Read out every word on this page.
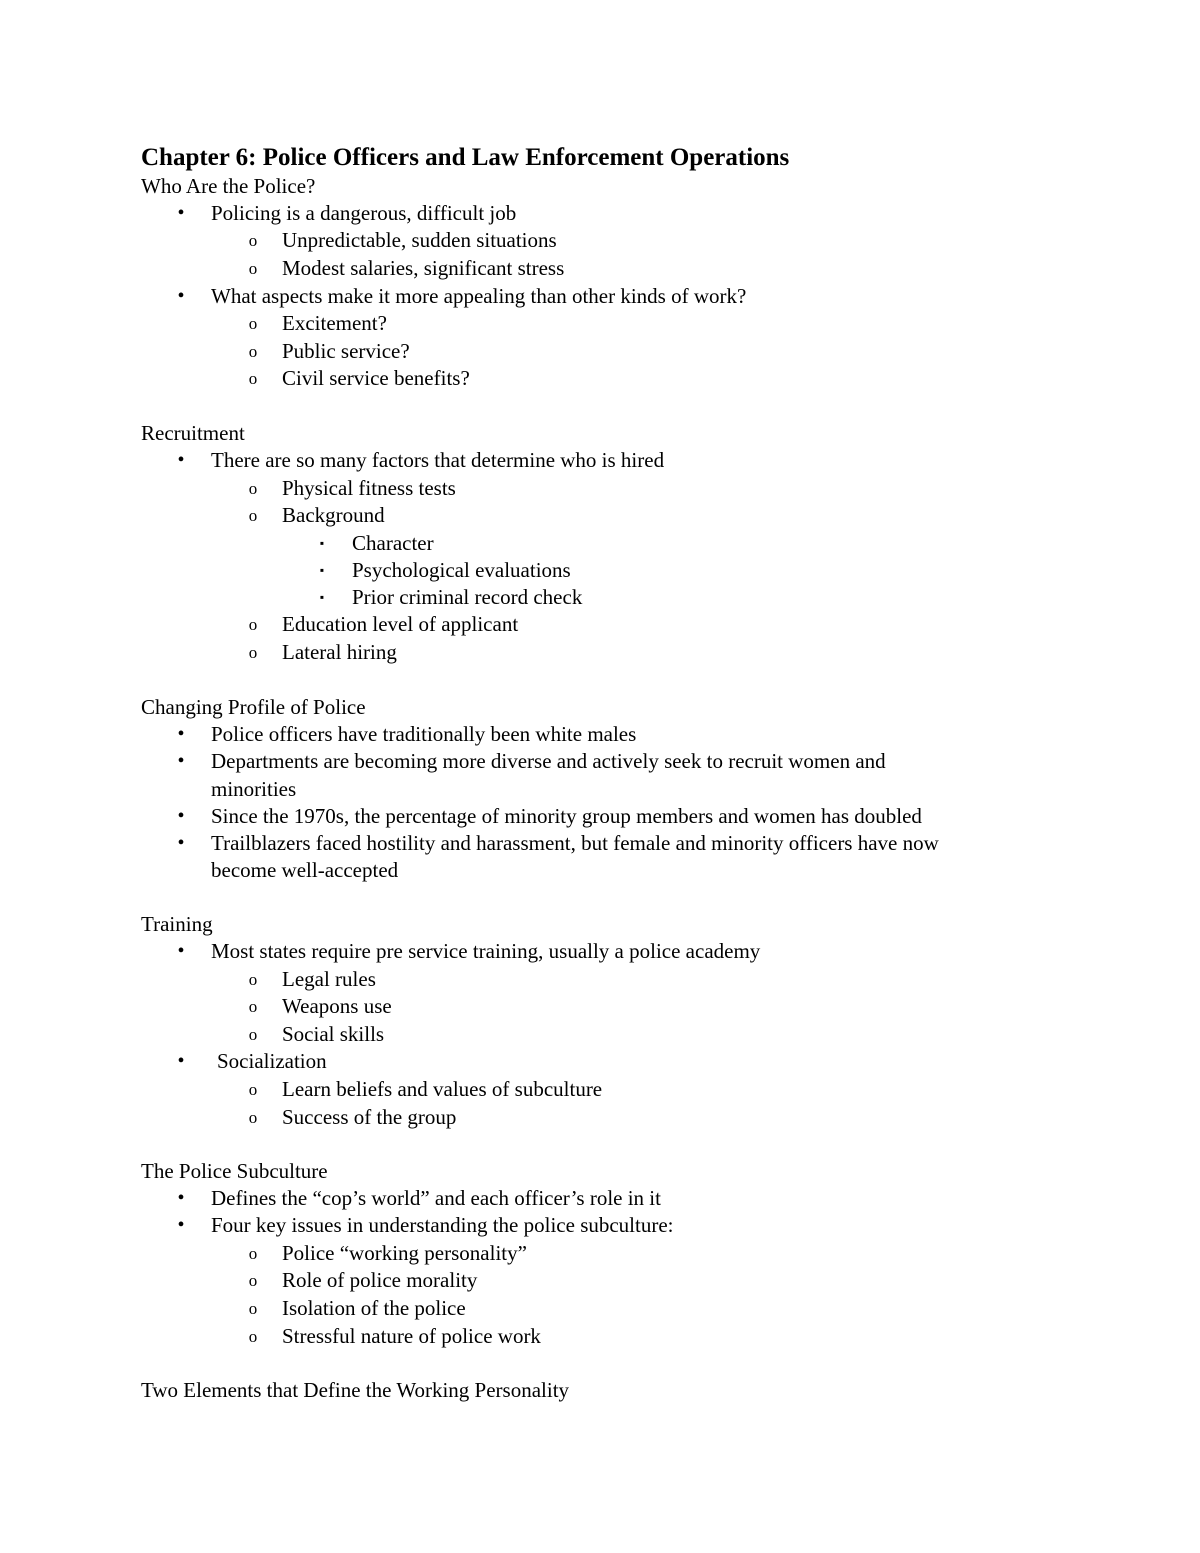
Chapter 6: Police Officers and Law Enforcement Operations
Who Are the Police?
•	Policing is a dangerous, difficult job
o Unpredictable, sudden situations
o Modest salaries, significant stress
•	What aspects make it more appealing than other kinds of work?
o Excitement?
o Public service?
o Civil service benefits?
Recruitment
•	There are so many factors that determine who is hired
o Physical fitness tests
o Background
▪	Character
▪	Psychological evaluations
▪	Prior criminal record check
o Education level of applicant
o Lateral hiring
Changing Profile of Police
•	Police officers have traditionally been white males
•	Departments are becoming more diverse and actively seek to recruit women and
minorities
•	Since the 1970s, the percentage of minority group members and women has doubled
•	Trailblazers faced hostility and harassment, but female and minority officers have now
become well-accepted
Training
•	Most states require pre service training, usually a police academy
o Legal rules
o Weapons use
o Social skills
•	Socialization
o Learn beliefs and values of subculture
o Success of the group
The Police Subculture
•	Defines the “cop’s world” and each officer’s role in it
•	Four key issues in understanding the police subculture:
o Police “working personality”
o Role of police morality
o Isolation of the police
o Stressful nature of police work
Two Elements that Define the Working Personality
